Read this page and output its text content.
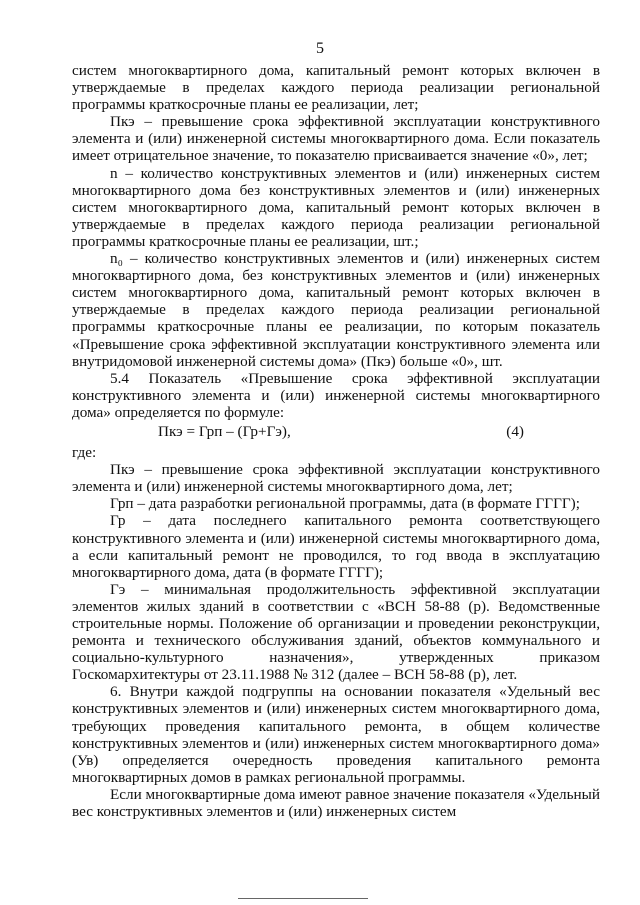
5

систем многоквартирного дома, капитальный ремонт которых включен в утверждаемые в пределах каждого периода реализации региональной программы краткосрочные планы ее реализации, лет;

Пкэ – превышение срока эффективной эксплуатации конструктивного элемента и (или) инженерной системы многоквартирного дома. Если показатель имеет отрицательное значение, то показателю присваивается значение «0», лет;

n – количество конструктивных элементов и (или) инженерных систем многоквартирного дома без конструктивных элементов и (или) инженерных систем многоквартирного дома, капитальный ремонт которых включен в утверждаемые в пределах каждого периода реализации региональной программы краткосрочные планы ее реализации, шт.;

n₀ – количество конструктивных элементов и (или) инженерных систем многоквартирного дома, без конструктивных элементов и (или) инженерных систем многоквартирного дома, капитальный ремонт которых включен в утверждаемые в пределах каждого периода реализации региональной программы краткосрочные планы ее реализации, по которым показатель «Превышение срока эффективной эксплуатации конструктивного элемента или внутридомовой инженерной системы дома» (Пкэ) больше «0», шт.

5.4 Показатель «Превышение срока эффективной эксплуатации конструктивного элемента и (или) инженерной системы многоквартирного дома» определяется по формуле:

Пкэ = Грп – (Гр+Гэ),	(4)

где:

Пкэ – превышение срока эффективной эксплуатации конструктивного элемента и (или) инженерной системы многоквартирного дома, лет;

Грп – дата разработки региональной программы, дата (в формате ГГГГ);

Гр – дата последнего капитального ремонта соответствующего конструктивного элемента и (или) инженерной системы многоквартирного дома, а если капитальный ремонт не проводился, то год ввода в эксплуатацию многоквартирного дома, дата (в формате ГГГГ);

Гэ – минимальная продолжительность эффективной эксплуатации элементов жилых зданий в соответствии с «ВСН 58-88 (р). Ведомственные строительные нормы. Положение об организации и проведении реконструкции, ремонта и технического обслуживания зданий, объектов коммунального и социально-культурного назначения», утвержденных приказом Госкомархитектуры от 23.11.1988 № 312 (далее – ВСН 58-88 (р), лет.

6. Внутри каждой подгруппы на основании показателя «Удельный вес конструктивных элементов и (или) инженерных систем многоквартирного дома, требующих проведения капитального ремонта, в общем количестве конструктивных элементов и (или) инженерных систем многоквартирного дома» (Ув) определяется очередность проведения капитального ремонта многоквартирных домов в рамках региональной программы.

Если многоквартирные дома имеют равное значение показателя «Удельный вес конструктивных элементов и (или) инженерных систем
